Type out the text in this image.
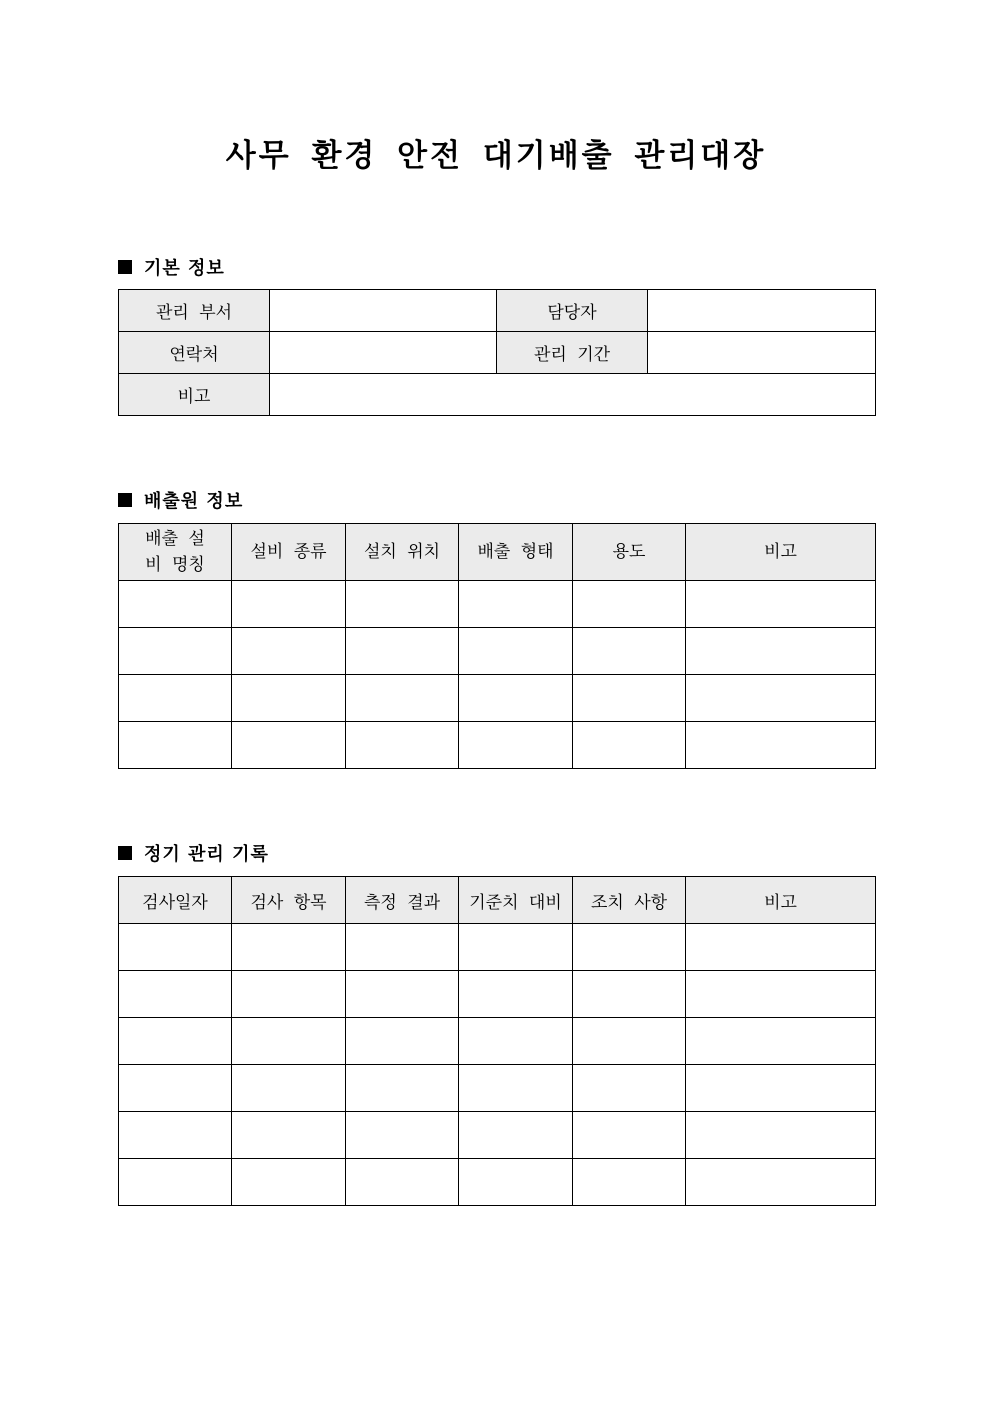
사무 환경 안전 대기배출 관리대장
기본 정보
관리 부서		담당자	
연락처		관리 기간	
비고			
배출원 정보
배출 설비 명칭	설비 종류	설치 위치	배출 형태	용도	비고

정기 관리 기록
검사일자	검사 항목	측정 결과	기준치 대비	조치 사항	비고
